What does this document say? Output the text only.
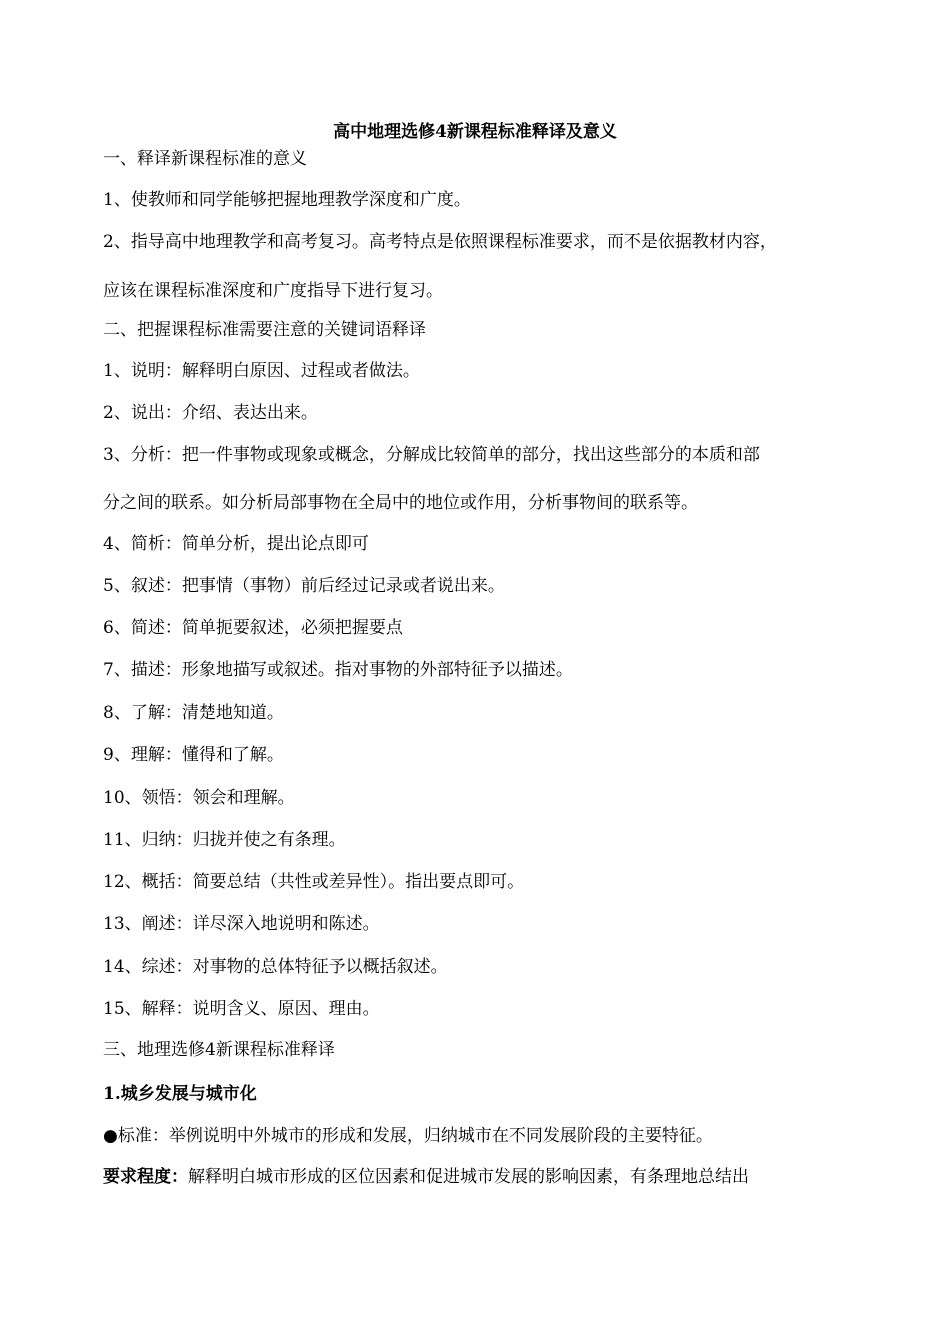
高中地理选修4新课程标准释译及意义
一、释译新课程标准的意义
1、使教师和同学能够把握地理教学深度和广度。
2、指导高中地理教学和高考复习。高考特点是依照课程标准要求，而不是依据教材内容，
应该在课程标准深度和广度指导下进行复习。
二、把握课程标准需要注意的关键词语释译
1、说明：解释明白原因、过程或者做法。
2、说出：介绍、表达出来。
3、分析：把一件事物或现象或概念，分解成比较简单的部分，找出这些部分的本质和部
分之间的联系。如分析局部事物在全局中的地位或作用，分析事物间的联系等。
4、简析：简单分析，提出论点即可
5、叙述：把事情（事物）前后经过记录或者说出来。
6、简述：简单扼要叙述，必须把握要点
7、描述：形象地描写或叙述。指对事物的外部特征予以描述。
8、了解：清楚地知道。
9、理解：懂得和了解。
10、领悟：领会和理解。
11、归纳：归拢并使之有条理。
12、概括：简要总结（共性或差异性）。指出要点即可。
13、阐述：详尽深入地说明和陈述。
14、综述：对事物的总体特征予以概括叙述。
15、解释：说明含义、原因、理由。
三、地理选修4新课程标准释译
1.城乡发展与城市化
●标准：举例说明中外城市的形成和发展，归纳城市在不同发展阶段的主要特征。
要求程度：解释明白城市形成的区位因素和促进城市发展的影响因素，有条理地总结出
